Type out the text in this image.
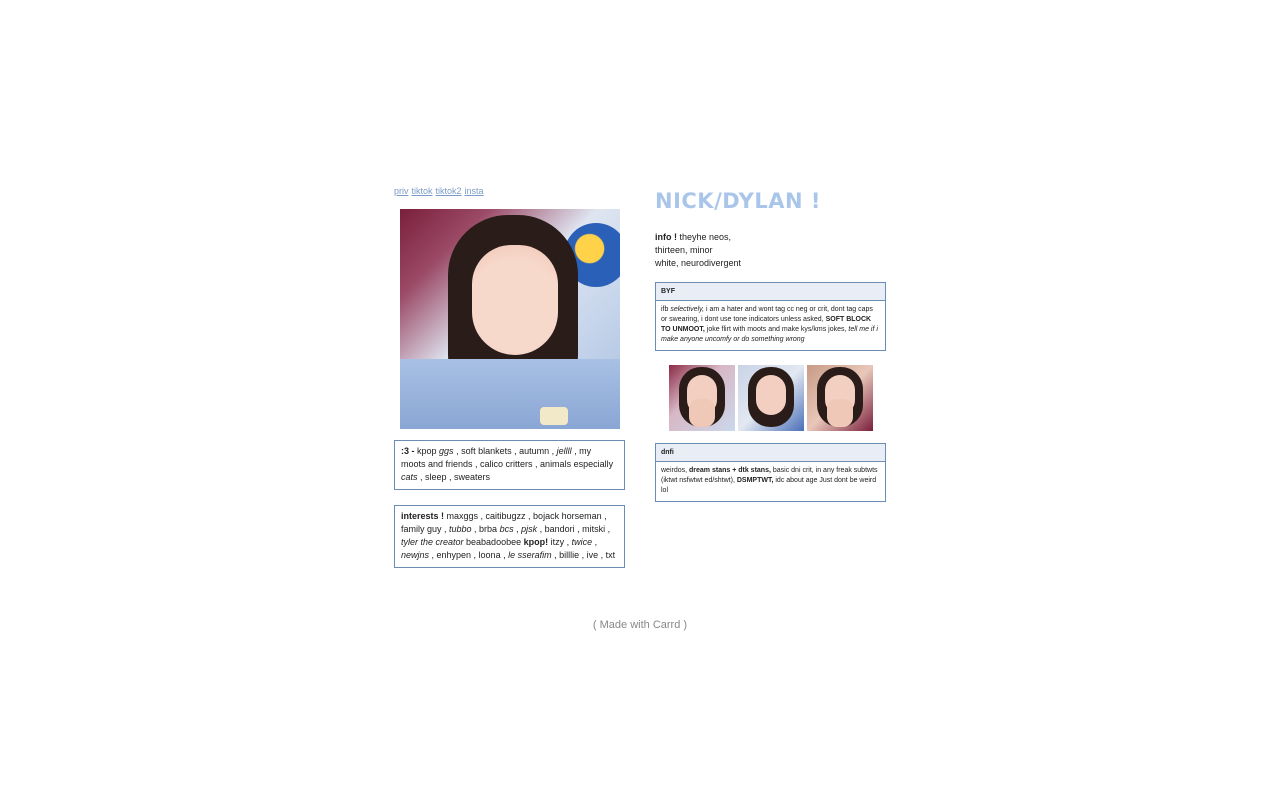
priv tiktok tiktok2 insta
:3 - kpop ggs , soft blankets , autumn , jellll , my moots and friends , calico critters , animals especially cats , sleep , sweaters
interests ! maxggs , caitibugzz , bojack horseman , family guy , tubbo , brba bcs , pjsk , bandori , mitski , tyler the creator beabadoobee kpop! itzy , twice , newjns , enhypen , loona , le sserafim , billlie , ive , txt
NICK/DYLAN !
info ! theyhe neos,
thirteen, minor
white, neurodivergent
BYF
ifb selectively, i am a hater and wont tag cc neg or crit, dont tag caps or swearing, i dont use tone indicators unless asked, SOFT BLOCK TO UNMOOT, joke flirt with moots and make kys/kms jokes, tell me if i make anyone uncomfy or do something wrong
dnfi
weirdos, dream stans + dtk stans, basic dni crit, in any freak subtwts (iktwt nsfwtwt ed/shtwt), DSMPTWT, idc about age Just dont be weird lol
( Made with Carrd )
